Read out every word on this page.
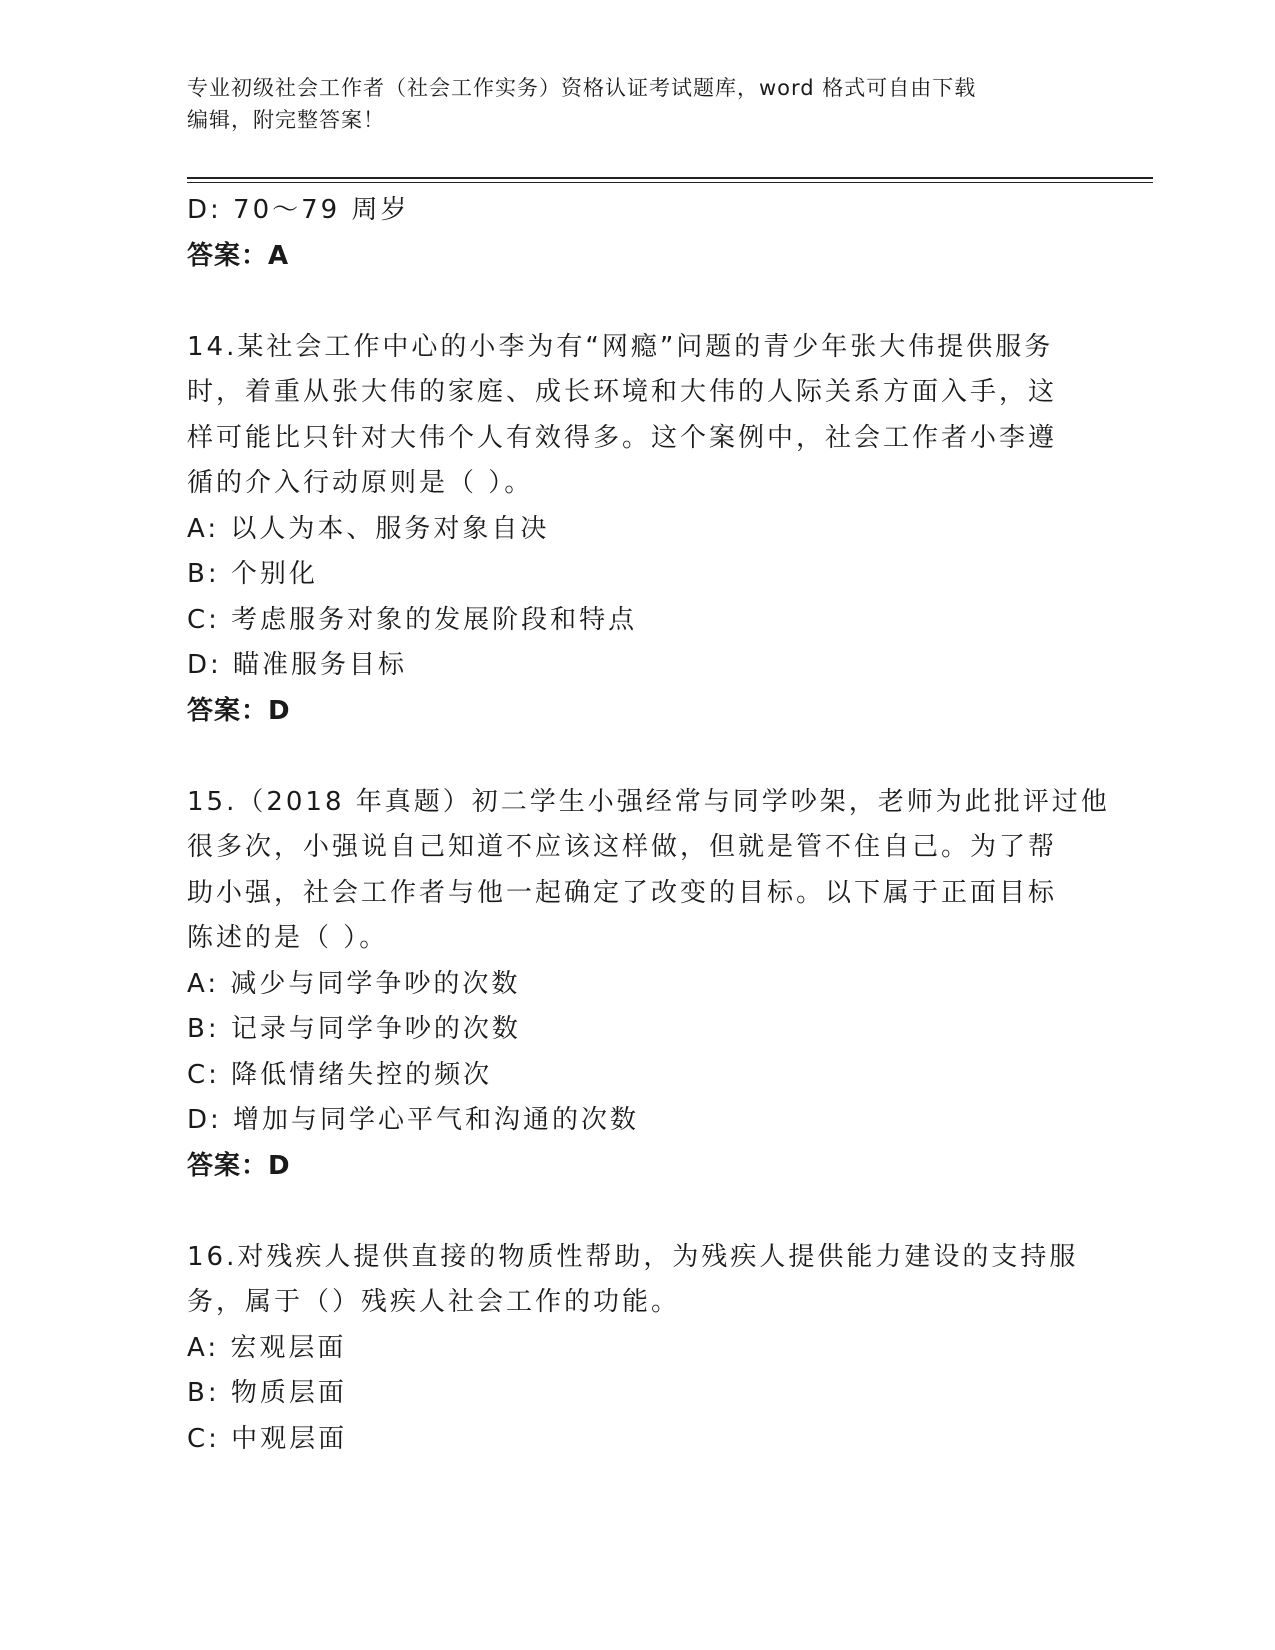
专业初级社会工作者（社会工作实务）资格认证考试题库，word 格式可自由下载
编辑，附完整答案！
D: 70～79 周岁
答案：A
14.某社会工作中心的小李为有“网瘾”问题的青少年张大伟提供服务
时，着重从张大伟的家庭、成长环境和大伟的人际关系方面入手，这
样可能比只针对大伟个人有效得多。这个案例中，社会工作者小李遵
循的介入行动原则是（ ）。
A: 以人为本、服务对象自决
B: 个别化
C: 考虑服务对象的发展阶段和特点
D: 瞄准服务目标
答案：D
15.（2018 年真题）初二学生小强经常与同学吵架，老师为此批评过他
很多次，小强说自己知道不应该这样做，但就是管不住自己。为了帮
助小强，社会工作者与他一起确定了改变的目标。以下属于正面目标
陈述的是（ ）。
A: 减少与同学争吵的次数
B: 记录与同学争吵的次数
C: 降低情绪失控的频次
D: 增加与同学心平气和沟通的次数
答案：D
16.对残疾人提供直接的物质性帮助，为残疾人提供能力建设的支持服
务，属于（）残疾人社会工作的功能。
A: 宏观层面
B: 物质层面
C: 中观层面
